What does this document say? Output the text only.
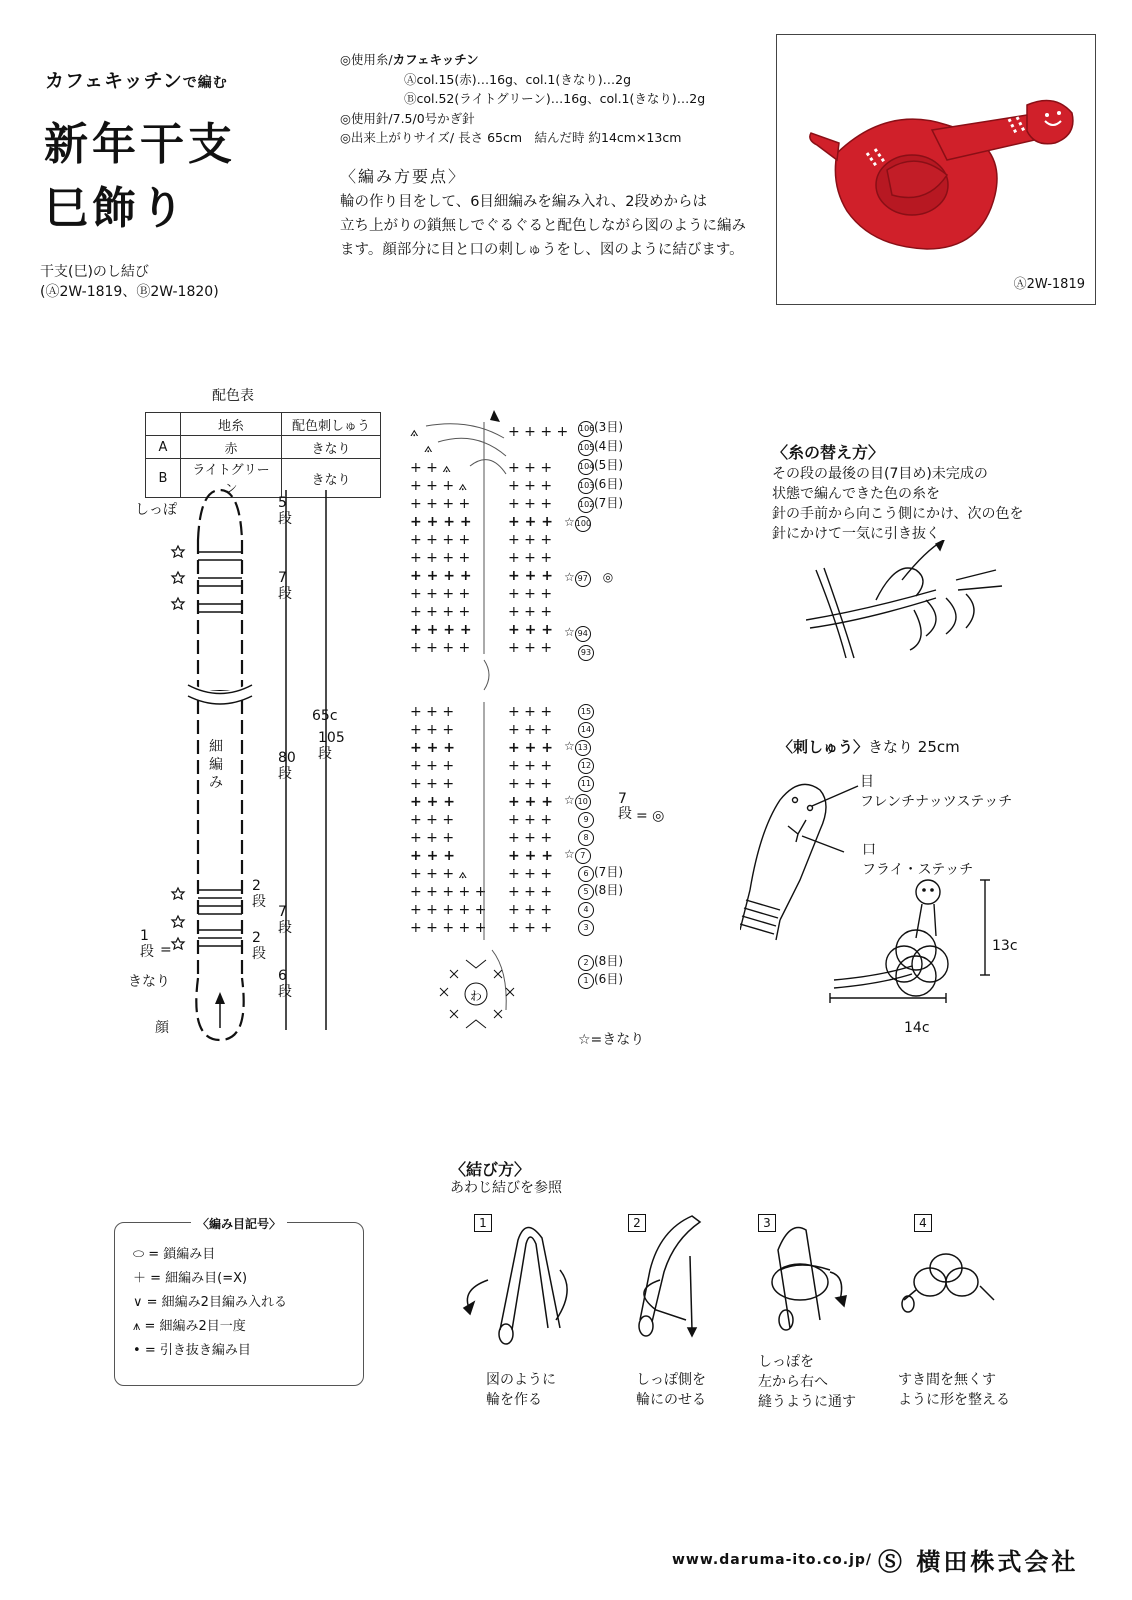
カフェキッチンで編む
新年干支
巳飾り
干支(巳)のし結び
(Ⓐ2W-1819、Ⓑ2W-1820)
◎使用糸/カフェキッチン
Ⓐcol.15(赤)…16g、col.1(きなり)…2g
Ⓑcol.52(ライトグリーン)…16g、col.1(きなり)…2g
◎使用針/7.5/0号かぎ針
◎出来上がりサイズ/ 長さ 65cm　結んだ時 約14cm×13cm
〈編み方要点〉
輪の作り目をして、6目細編みを編み入れ、2段めからは
立ち上がりの鎖無しでぐるぐると配色しながら図のように編み
ます。顔部分に目と口の刺しゅうをし、図のように結びます。
Ⓐ2W-1819
配色表
	地糸	配色刺しゅう
A	赤	きなり
B	ライトグリーン	きなり
しっぽ
細編み
顔
1段 =
きなり
5段
7段
80段
2段
7段
2段
6段
65c
105段
+ + + +
⟑
⟑
+ + ⟑	+ + +
+ + + ⟑	+ + +
+ + + +	+ + +
+ + + +	+ + +
+ + + +	+ + +
+ + + +	+ + +
+ + + +	+ + +
+ + + +	+ + +
+ + + +	+ + +
+ + + +	+ + +
+ + + +	+ + +
+ + +	+ + +
+ + +	+ + +
+ + +	+ + +
+ + +	+ + +
+ + +	+ + +
+ + +	+ + +
+ + +	+ + +
+ + +	+ + +
+ + +	+ + +
+ + + ⟑	+ + +
+ + + + + + + +
+ + + + + + + +
+ + + + + + + +
わ
106(3目)
105(4目)
104(5目)
103(6目)
102(7目)
☆100
☆ 97　◎
☆ 94
93
15
14
☆ 13
12
11
☆ 10
9
8
☆ 7
6 (7目)
5 (8目)
4
3
2 (8目)
1 (6目)
7段 = ◎
☆=きなり
〈糸の替え方〉
その段の最後の目(7目め)未完成の
状態で編んできた色の糸を
針の手前から向こう側にかけ、次の色を
針にかけて一気に引き抜く
〈刺しゅう〉きなり 25cm
目
フレンチナッツステッチ
口
フライ・ステッチ
13c
14c
〈編み目記号〉
⬭ = 鎖編み目
＋ = 細編み目(=X)
∨ = 細編み2目編み入れる
⩚ = 細編み2目一度
• = 引き抜き編み目
〈結び方〉
あわじ結びを参照
1	2	3	4
図のように
輪を作る
しっぽ側を
輪にのせる
しっぽを
左から右へ
縫うように通す
すき間を無くす
ように形を整える
www.daruma-ito.co.jp/ Ⓢ 横田株式会社
